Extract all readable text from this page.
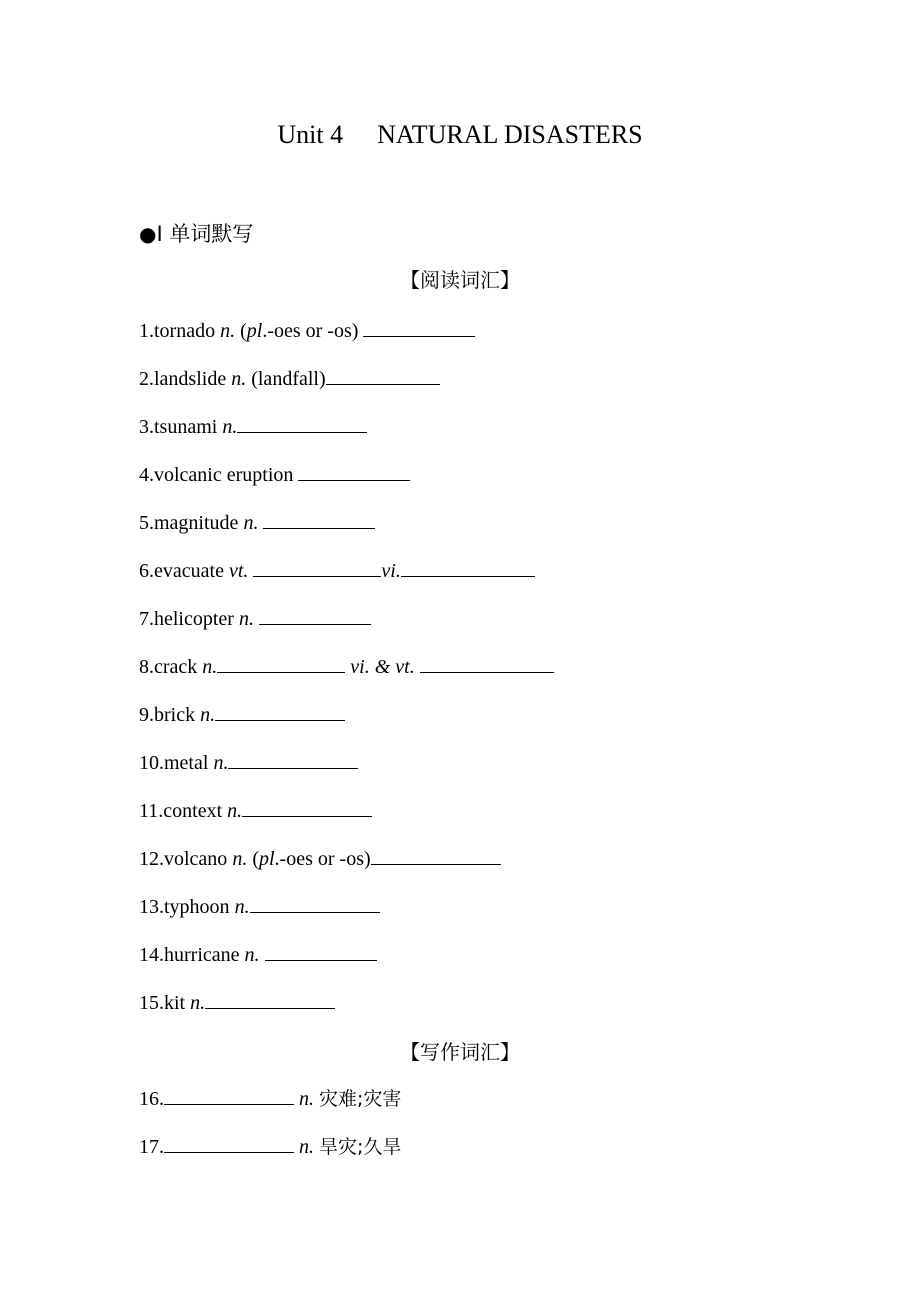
Unit 4 NATURAL DISASTERS
●I 单词默写
【阅读词汇】
1.tornado n. (pl.-oes or -os)
2.landslide n. (landfall)
3.tsunami n.
4.volcanic eruption
5.magnitude n.
6.evacuate vt.	vi.
7.helicopter n.
8.crack n.	vi. & vt.
9.brick n.
10.metal n.
11.context n.
12.volcano n. (pl.-oes or -os)
13.typhoon n.
14.hurricane n.
15.kit n.
【写作词汇】
16.	n. 灾难;灾害
17.	n. 旱灾;久旱
